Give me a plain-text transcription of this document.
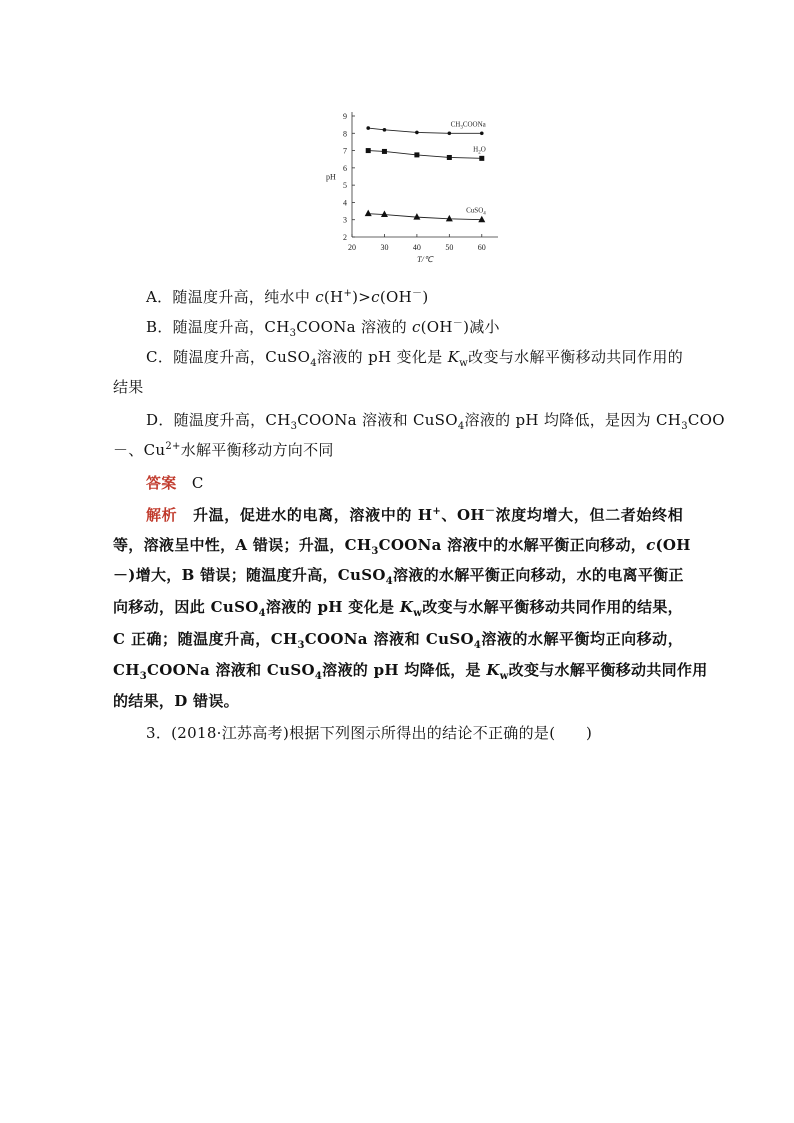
20	30	40	50	60
2
3
4
5
6
7
8
9
T/℃
pH
$CH_3COONa$
$H_2O$
CuSO$_4$
A．随温度升高，纯水中 c(H+)>c(OH－)
B．随温度升高，$CH_3COONa$ 溶液的 c(OH－)减小
C．随温度升高，CuSO$_4$溶液的 pH 变化是 $K_w$改变与水解平衡移动共同作用的
结果
D．随温度升高，$CH_3COONa$ 溶液和 CuSO$_4$溶液的 pH 均降低，是因为 $CH_3COO$
－、$Cu^{2+}$水解平衡移动方向不同
答案　 C
解析　 升温，促进水的电离，溶液中的 H+、OH－浓度均增大，但二者始终相
等，溶液呈中性，A 错误；升温，$CH_3COONa$ 溶液中的水解平衡正向移动，c(OH
－)增大，B 错误；随温度升高，CuSO$_4$溶液的水解平衡正向移动，水的电离平衡正
向移动，因此 CuSO$_4$溶液的 pH 变化是 $K_w$改变与水解平衡移动共同作用的结果，
C 正确；随温度升高，$CH_3COONa$ 溶液和 CuSO$_4$溶液的水解平衡均正向移动，
$CH_3COONa$ 溶液和 CuSO$_4$溶液的 pH 均降低，是 $K_w$改变与水解平衡移动共同作用
的结果，D 错误。
3．(2018·江苏高考)根据下列图示所得出的结论不正确的是(　　)
